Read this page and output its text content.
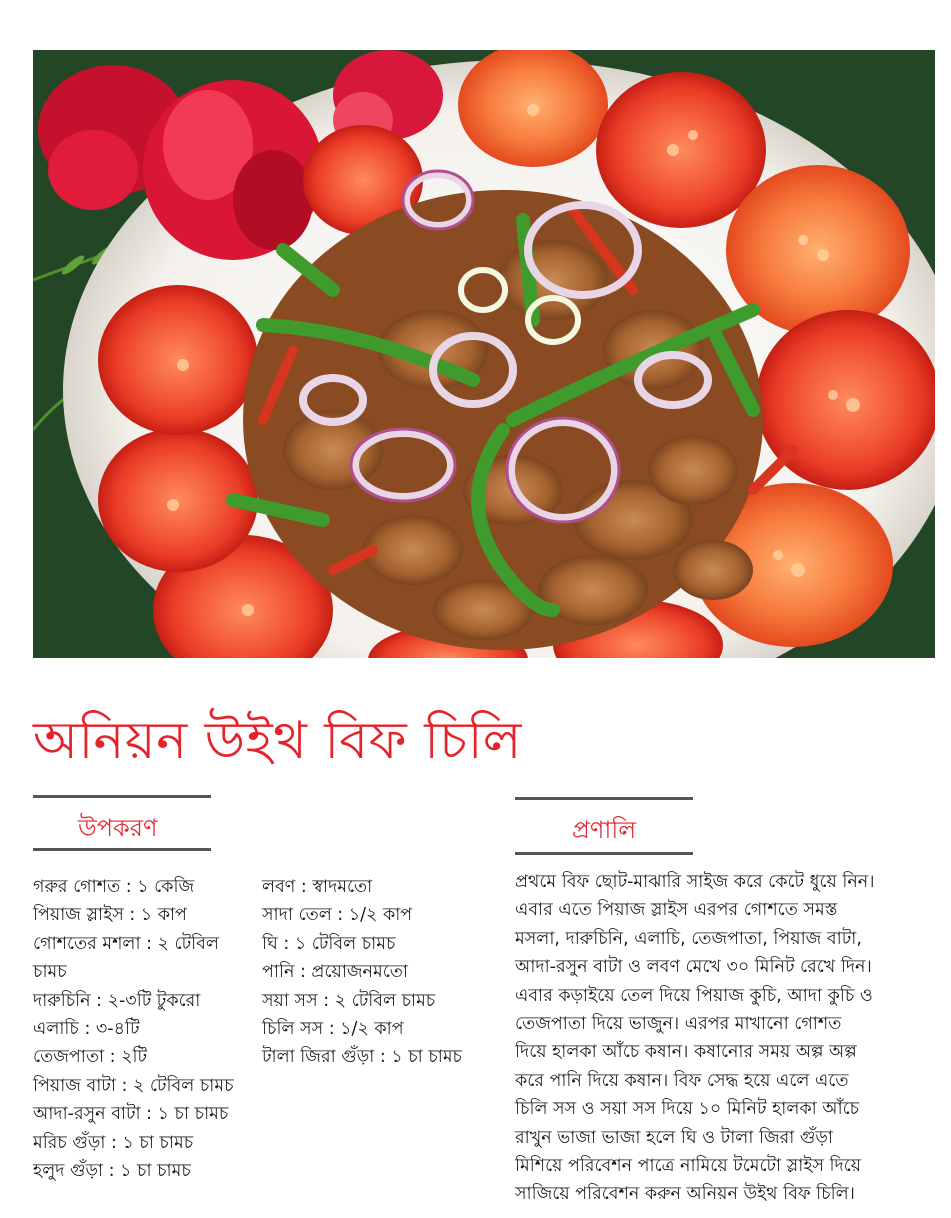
অনিয়ন উইথ বিফ চিলি
উপকরণ
গরুর গোশত : ১ কেজি
পিয়াজ স্লাইস : ১ কাপ
গোশতের মশলা : ২ টেবিল
চামচ
দারুচিনি : ২-৩টি টুকরো
এলাচি : ৩-৪টি
তেজপাতা : ২টি
পিয়াজ বাটা : ২ টেবিল চামচ
আদা-রসুন বাটা : ১ চা চামচ
মরিচ গুঁড়া : ১ চা চামচ
হলুদ গুঁড়া : ১ চা চামচ
লবণ : স্বাদমতো
সাদা তেল : ১/২ কাপ
ঘি : ১ টেবিল চামচ
পানি : প্রয়োজনমতো
সয়া সস : ২ টেবিল চামচ
চিলি সস : ১/২ কাপ
টালা জিরা গুঁড়া : ১ চা চামচ
প্রণালি

প্রথমে বিফ ছোট-মাঝারি সাইজ করে কেটে ধুয়ে নিন। এবার এতে পিয়াজ স্লাইস এরপর গোশতে সমস্ত মসলা, দারুচিনি, এলাচি, তেজপাতা, পিয়াজ বাটা, আদা-রসুন বাটা ও লবণ মেখে ৩০ মিনিট রেখে দিন। এবার কড়াইয়ে তেল দিয়ে পিয়াজ কুচি, আদা কুচি ও তেজপাতা দিয়ে ভাজুন। এরপর মাখানো গোশত দিয়ে হালকা আঁচে কষান। কষানোর সময় অল্প অল্প করে পানি দিয়ে কষান। বিফ সেদ্ধ হয়ে এলে এতে চিলি সস ও সয়া সস দিয়ে ১০ মিনিট হালকা আঁচে রাখুন ভাজা ভাজা হলে ঘি ও টালা জিরা গুঁড়া মিশিয়ে পরিবেশন পাত্রে নামিয়ে টমেটো স্লাইস দিয়ে সাজিয়ে পরিবেশন করুন অনিয়ন উইথ বিফ চিলি।
